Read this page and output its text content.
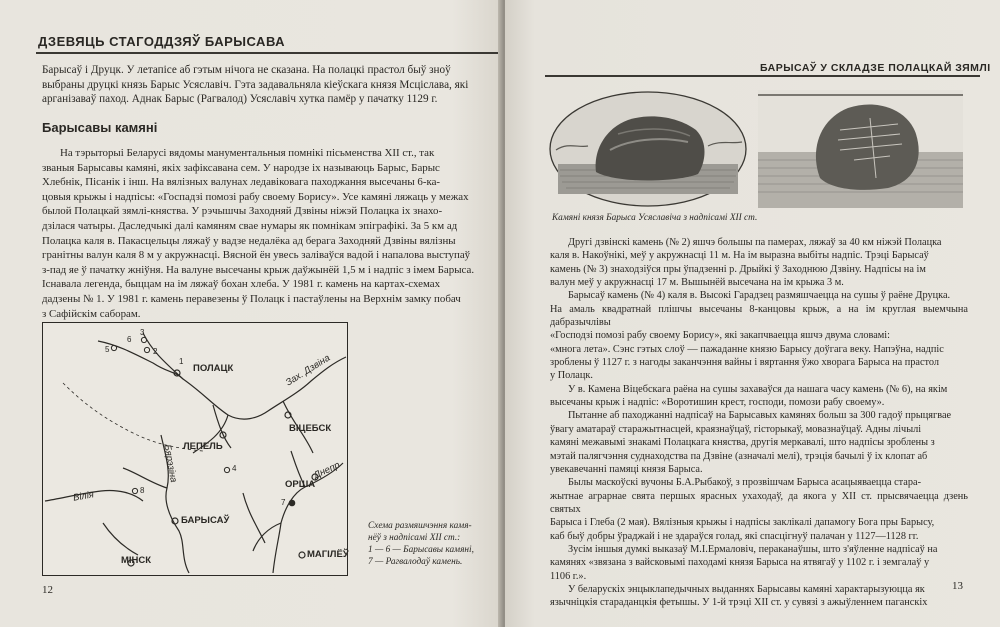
ДЗЕВЯЦЬ СТАГОДДЗЯЎ БАРЫСАВА

Барысаў і Друцк. У летапісе аб гэтым нічога не сказана. На полацкі прастол быў зноў

выбраны друцкі князь Барыс Усяславіч. Гэта задавальняла кіеўскага князя Мсціслава, які

арганізаваў паход. Аднак Барыс (Рагвалод) Усяславіч хутка памёр у пачатку 1129 г.

Барысавы камяні

На тэрыторыі Беларусі вядомы манументальныя помнікі пісьменства XII ст., так

званыя Барысавы камяні, якіх зафіксавана сем. У народзе іх называюць Барыс, Барыс

Хлебнік, Пісанік і інш. На вялізных валунах ледавіковага паходжання высечаны 6-ка-

цовыя крыжы і надпісы: «Госпадзі помозі рабу своему Борису». Усе камяні ляжаць у межах

былой Полацкай зямлі-княства. У рэчышчы Заходняй Дзвіны ніжэй Полацка іх знахо-

дзілася чатыры. Даследчыкі далі камяням свае нумары як помнікам эпіграфікі. За 5 км ад

Полацка каля в. Пакасцельцы ляжаў у вадзе недалёка ад берага Заходняй Дзвіны вялізны

гранітны валун каля 8 м у акружнасці. Вясной ён увесь заліваўся вадой і напалова выступаў

з-пад яе ў пачатку жніўня. На валуне высечаны крыж даўжынёй 1,5 м і надпіс з імем Барыса.

Існавала легенда, быццам на ім ляжаў бохан хлеба. У 1981 г. камень на картах-схемах

дадзены № 1. У 1981 г. камень перавезены ў Полацк і пастаўлены на Верхнім замку побач

з Сафійскім саборам.

ПОЛАЦК	Зах. Дзвіна
ВІЦЕБСК
Бярэзіна ЛЕПЕЛЬ
Вілія
БАРЫСАЎ
МІНСК
ОРША
Днепр
МАГІЛЁЎ
1
2
3
4
5
6
7
8
Схема размяшчэння камя-
нёў з надпісамі XII ст.:
1 — 6 — Барысавы камяні,
7 — Рагвалодаў камень.
12
БАРЫСАЎ У СКЛАДЗЕ ПОЛАЦКАЙ ЗЯМЛІ
Камяні князя Барыса Усяславіча з надпісамі XII ст.

Другі дзвінскі камень (№ 2) яшчэ большы па памерах, ляжаў за 40 км ніжэй Полацка

каля в. Накоўнікі, меў у акружнасці 11 м. На ім выразна выбіты надпіс. Трэці Барысаў

камень (№ 3) знаходзіўся пры ўпадзенні р. Дрыйкі ў Заходнюю Дзвіну. Надпісы на ім

валун меў у акружнасці 17 м. Вышынёй высечана на ім крыжа 3 м.

Барысаў камень (№ 4) каля в. Высокі Гарадзец размяшчаецца на сушы ў раёне Друцка.

На амаль квадратнай плішчы высечаны 8-канцовы крыж, а на ім круглая выемчына дабразычлівы

«Господзі помозі рабу своему Борису», які закапчваецца яшчэ двума словамі:

«многа лета». Сэнс гэтых слоў — пажаданне князю Барысу доўгага веку. Напэўна, надпіс

зроблены ў 1127 г. з нагоды заканчэння вайны і вяртання ўжо хворага Барыса на прастол

у Полацк.

У в. Камена Віцебскага раёна на сушы захаваўся да нашага часу камень (№ 6), на якім

высечаны крыж і надпіс: «Воротишин крест, господи, помози рабу своему».

Пытанне аб паходжанні надпісаў на Барысавых камянях больш за 300 гадоў прыцягвае

ўвагу аматараў старажытнасцей, краязнаўцаў, гісторыкаў, мовазнаўцаў. Адны лічылі

камяні межавымі знакамі Полацкага княства, другія меркавалі, што надпісы зроблены з

мэтай палягчэння суднаходства па Дзвіне (азначалі мелі), трэція бачылі ў іх клопат аб

увекавечанні памяці князя Барыса.

Былы маскоўскі вучоны Б.А.Рыбакоў, з прозвішчам Барыса асацыяваецца стара-

жытнае аграрнае свята першых ярасных ухаходаў, да якога у XII ст. прысвячаецца дзень святых

Барыса і Глеба (2 мая). Вялізныя крыжы і надпісы заклікалі дапамогу Бога пры Барысу,

каб быў добры ўраджай і не здараўся голад, які спасцігнуў палачан у 1127—1128 гг.

Зусім іншыя думкі выказаў М.І.Ермаловіч, пераканаўшы, што з'яўленне надпісаў на

камянях «звязана з вайсковымі паходамі князя Барыса на ятвягаў у 1102 г. і земгалаў у

1106 г.».

У беларускіх энцыклапедычных выданнях Барысавы камяні характарызуюцца як

язычніцкія стараданцкія фетышы. У 1-й трэці XII ст. у сувязі з ажыўленнем паганскіх

13
